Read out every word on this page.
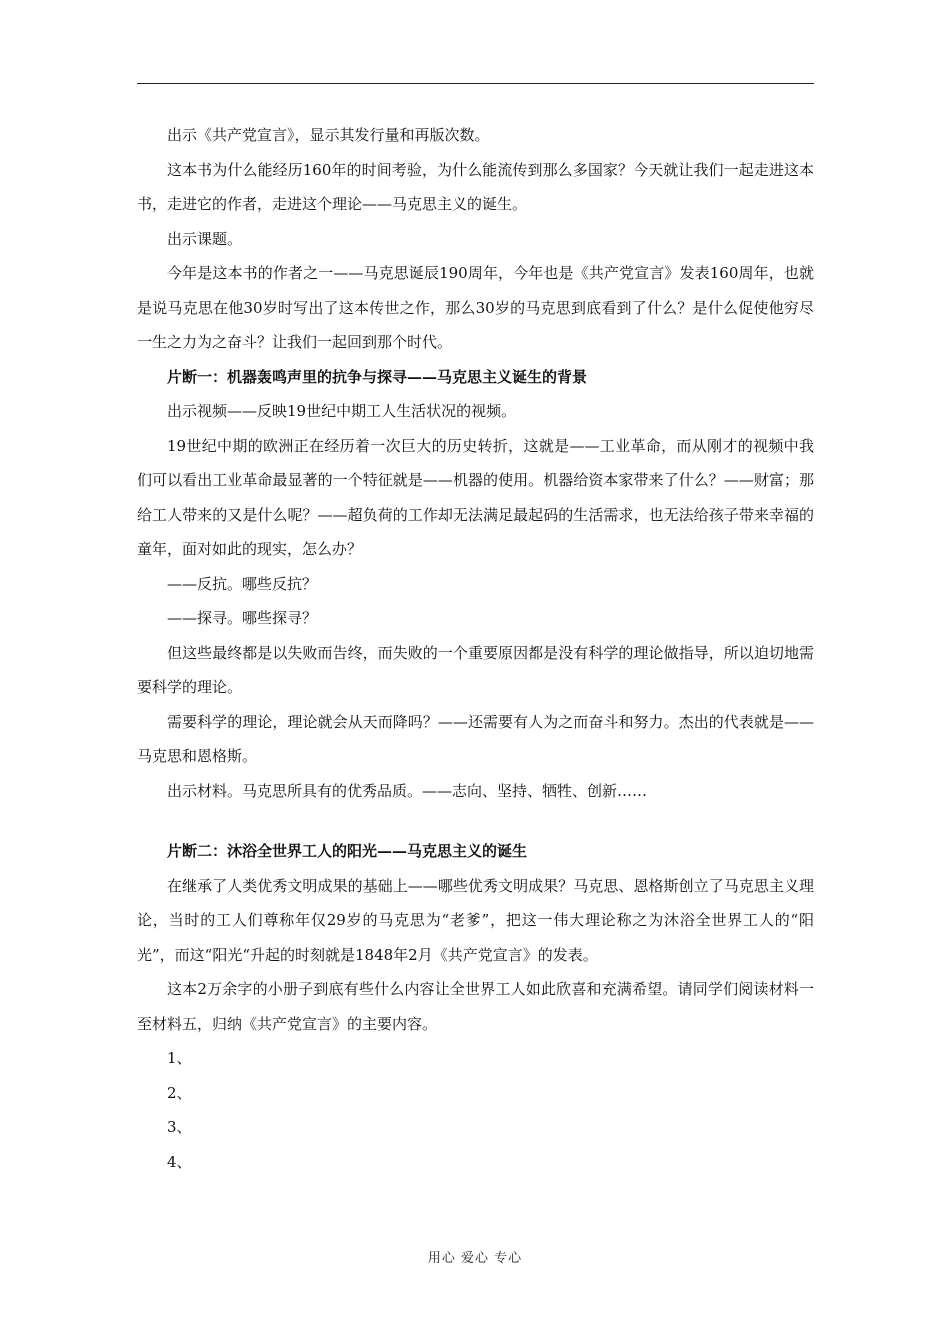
出示《共产党宣言》，显示其发行量和再版次数。

这本书为什么能经历160年的时间考验，为什么能流传到那么多国家？今天就让我们一起走进这本书，走进它的作者，走进这个理论——马克思主义的诞生。

出示课题。

今年是这本书的作者之一——马克思诞辰190周年，今年也是《共产党宣言》发表160周年，也就是说马克思在他30岁时写出了这本传世之作，那么30岁的马克思到底看到了什么？是什么促使他穷尽一生之力为之奋斗？让我们一起回到那个时代。

片断一：机器轰鸣声里的抗争与探寻——马克思主义诞生的背景

出示视频——反映19世纪中期工人生活状况的视频。

19世纪中期的欧洲正在经历着一次巨大的历史转折，这就是——工业革命，而从刚才的视频中我们可以看出工业革命最显著的一个特征就是——机器的使用。机器给资本家带来了什么？——财富；那给工人带来的又是什么呢？——超负荷的工作却无法满足最起码的生活需求，也无法给孩子带来幸福的童年，面对如此的现实，怎么办？

——反抗。哪些反抗？

——探寻。哪些探寻？

但这些最终都是以失败而告终，而失败的一个重要原因都是没有科学的理论做指导，所以迫切地需要科学的理论。

需要科学的理论，理论就会从天而降吗？——还需要有人为之而奋斗和努力。杰出的代表就是——马克思和恩格斯。

出示材料。马克思所具有的优秀品质。——志向、坚持、牺牲、创新……

片断二：沐浴全世界工人的阳光——马克思主义的诞生

在继承了人类优秀文明成果的基础上——哪些优秀文明成果？马克思、恩格斯创立了马克思主义理论，当时的工人们尊称年仅29岁的马克思为“老爹”，把这一伟大理论称之为沐浴全世界工人的“阳光”，而这“阳光“升起的时刻就是1848年2月《共产党宣言》的发表。

这本2万余字的小册子到底有些什么内容让全世界工人如此欣喜和充满希望。请同学们阅读材料一至材料五，归纳《共产党宣言》的主要内容。

1、

2、

3、

4、

用心 爱心 专心
